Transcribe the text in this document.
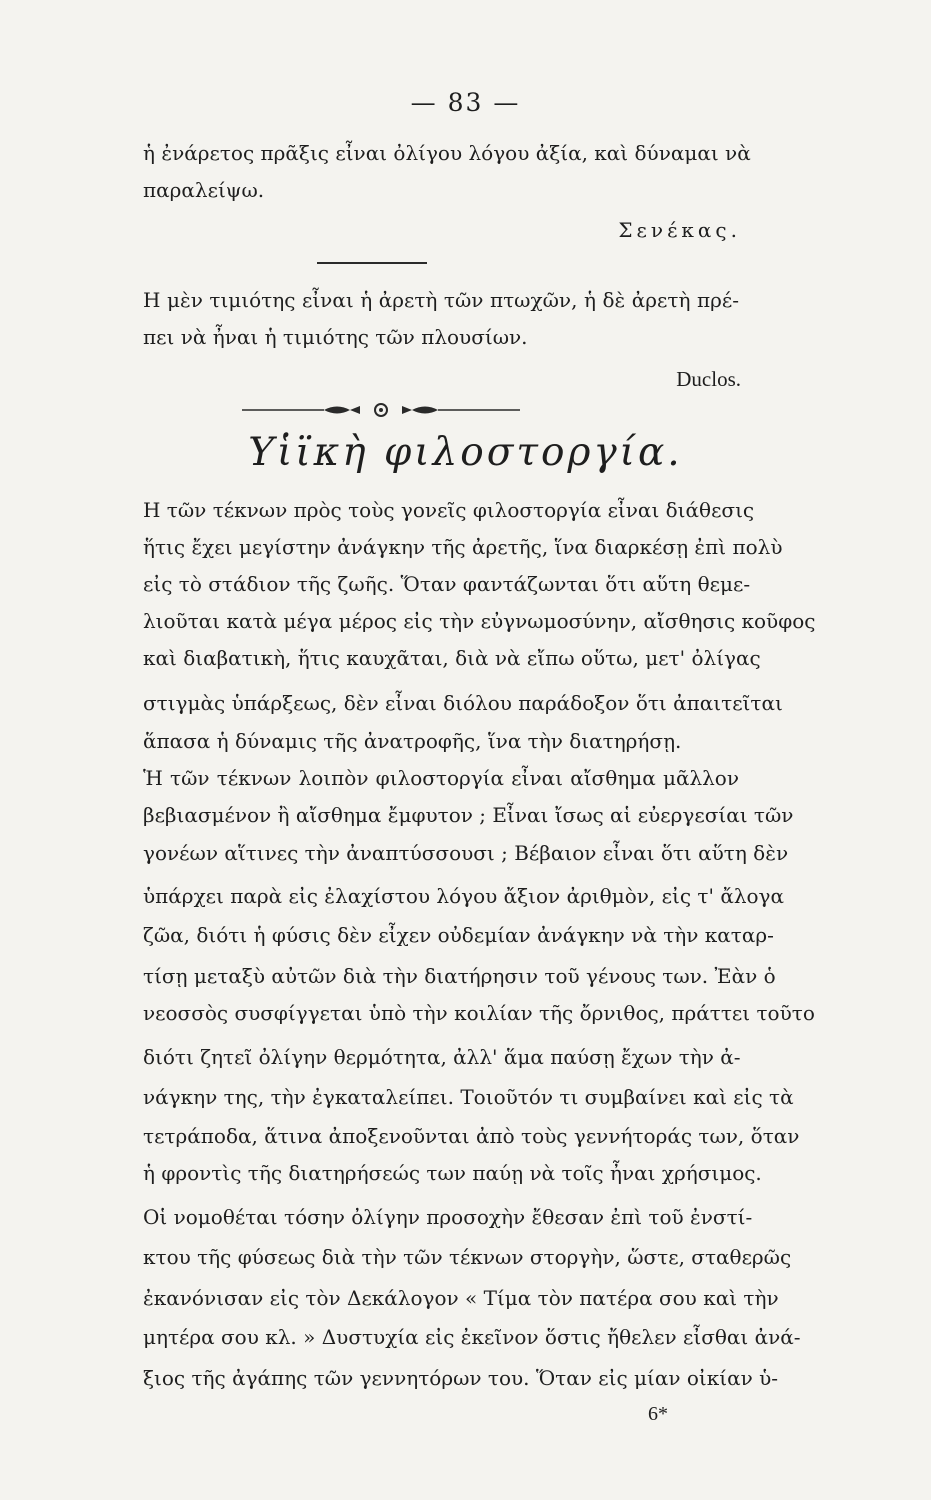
— 83 —
ἡ ἐνάρετος πρᾶξις εἶναι ὀλίγου λόγου ἀξία, καὶ δύναμαι νὰ
παραλείψω.
Σενέκας.
Η μὲν τιμιότης εἶναι ἡ ἀρετὴ τῶν πτωχῶν, ἡ δὲ ἀρετὴ πρέ-
πει νὰ ἦναι ἡ τιμιότης τῶν πλουσίων.
Duclos.
Υἱϊκὴ φιλοστοργία.
Η τῶν τέκνων πρὸς τοὺς γονεῖς φιλοστοργία εἶναι διάθεσις
ἥτις ἔχει μεγίστην ἀνάγκην τῆς ἀρετῆς, ἵνα διαρκέσῃ ἐπὶ πολὺ
εἰς τὸ στάδιον τῆς ζωῆς. Ὅταν φαντάζωνται ὅτι αὕτη θεμε-
λιοῦται κατὰ μέγα μέρος εἰς τὴν εὐγνωμοσύνην, αἴσθησις κοῦφος
καὶ διαβατικὴ, ἥτις καυχᾶται, διὰ νὰ εἴπω οὕτω, μετ' ὀλίγας
στιγμὰς ὑπάρξεως, δὲν εἶναι διόλου παράδοξον ὅτι ἀπαιτεῖται
ἅπασα ἡ δύναμις τῆς ἀνατροφῆς, ἵνα τὴν διατηρήσῃ.
Ἡ τῶν τέκνων λοιπὸν φιλοστοργία εἶναι αἴσθημα μᾶλλον
βεβιασμένον ἢ αἴσθημα ἔμφυτον ; Εἶναι ἴσως αἱ εὐεργεσίαι τῶν
γονέων αἵτινες τὴν ἀναπτύσσουσι ; Βέβαιον εἶναι ὅτι αὕτη δὲν
ὑπάρχει παρὰ εἰς ἐλαχίστου λόγου ἄξιον ἀριθμὸν, εἰς τ' ἄλογα
ζῶα, διότι ἡ φύσις δὲν εἶχεν οὐδεμίαν ἀνάγκην νὰ τὴν καταρ-
τίσῃ μεταξὺ αὐτῶν διὰ τὴν διατήρησιν τοῦ γένους των. Ἐὰν ὁ
νεοσσὸς συσφίγγεται ὑπὸ τὴν κοιλίαν τῆς ὄρνιθος, πράττει τοῦτο
διότι ζητεῖ ὀλίγην θερμότητα, ἀλλ' ἅμα παύσῃ ἔχων τὴν ἀ-
νάγκην της, τὴν ἐγκαταλείπει. Τοιοῦτόν τι συμβαίνει καὶ εἰς τὰ
τετράποδα, ἅτινα ἀποξενοῦνται ἀπὸ τοὺς γεννήτοράς των, ὅταν
ἡ φροντὶς τῆς διατηρήσεώς των παύῃ νὰ τοῖς ἦναι χρήσιμος.
Οἱ νομοθέται τόσην ὀλίγην προσοχὴν ἔθεσαν ἐπὶ τοῦ ἐνστί-
κτου τῆς φύσεως διὰ τὴν τῶν τέκνων στοργὴν, ὥστε, σταθερῶς
ἐκανόνισαν εἰς τὸν Δεκάλογον « Τίμα τὸν πατέρα σου καὶ τὴν
μητέρα σου κλ. » Δυστυχία εἰς ἐκεῖνον ὅστις ἤθελεν εἶσθαι ἀνά-
ξιος τῆς ἀγάπης τῶν γεννητόρων του. Ὅταν εἰς μίαν οἰκίαν ὑ-
6*
